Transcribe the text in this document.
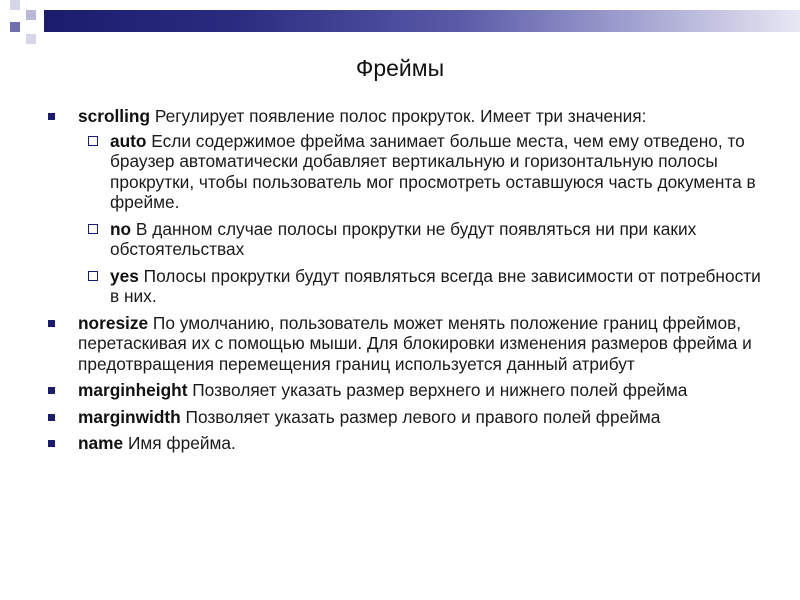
Фреймы
scrolling Регулирует появление полос прокруток. Имеет три значения:
auto Если содержимое фрейма занимает больше места, чем ему отведено, то браузер автоматически добавляет вертикальную и горизонтальную полосы прокрутки, чтобы пользователь мог просмотреть оставшуюся часть документа в фрейме.
no В данном случае полосы прокрутки не будут появляться ни при каких обстоятельствах
yes Полосы прокрутки будут появляться всегда вне зависимости от потребности в них.
noresize По умолчанию, пользователь может менять положение границ фреймов, перетаскивая их с помощью мыши. Для блокировки изменения размеров фрейма и предотвращения перемещения границ используется данный атрибут
marginheight Позволяет указать размер верхнего и нижнего полей фрейма
marginwidth Позволяет указать размер левого и правого полей фрейма
name Имя фрейма.
